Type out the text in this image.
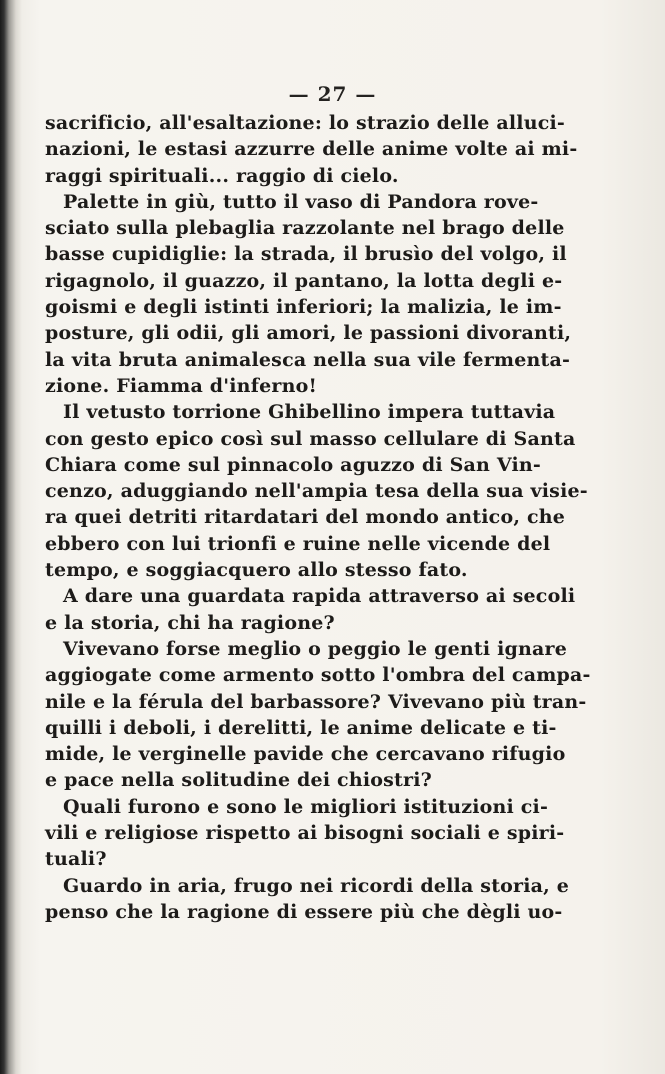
— 27 —

sacrificio, all'esaltazione: lo strazio delle alluci-
nazioni, le estasi azzurre delle anime volte ai mi-
raggi spirituali... raggio di cielo.

Palette in giù, tutto il vaso di Pandora rove-
sciato sulla plebaglia razzolante nel brago delle
basse cupidiglie: la strada, il brusìo del volgo, il
rigagnolo, il guazzo, il pantano, la lotta degli e-
goismi e degli istinti inferiori; la malizia, le im-
posture, gli odii, gli amori, le passioni divoranti,
la vita bruta animalesca nella sua vile fermenta-
zione. Fiamma d'inferno!

Il vetusto torrione Ghibellino impera tuttavia
con gesto epico così sul masso cellulare di Santa
Chiara come sul pinnacolo aguzzo di San Vin-
cenzo, aduggiando nell'ampia tesa della sua visie-
ra quei detriti ritardatari del mondo antico, che
ebbero con lui trionfi e ruine nelle vicende del
tempo, e soggiacquero allo stesso fato.

A dare una guardata rapida attraverso ai secoli
e la storia, chi ha ragione?

Vivevano forse meglio o peggio le genti ignare
aggiogate come armento sotto l'ombra del campa-
nile e la férula del barbassore? Vivevano più tran-
quilli i deboli, i derelitti, le anime delicate e ti-
mide, le verginelle pavide che cercavano rifugio
e pace nella solitudine dei chiostri?

Quali furono e sono le migliori istituzioni ci-
vili e religiose rispetto ai bisogni sociali e spiri-
tuali?

Guardo in aria, frugo nei ricordi della storia, e
penso che la ragione di essere più che dègli uo-
